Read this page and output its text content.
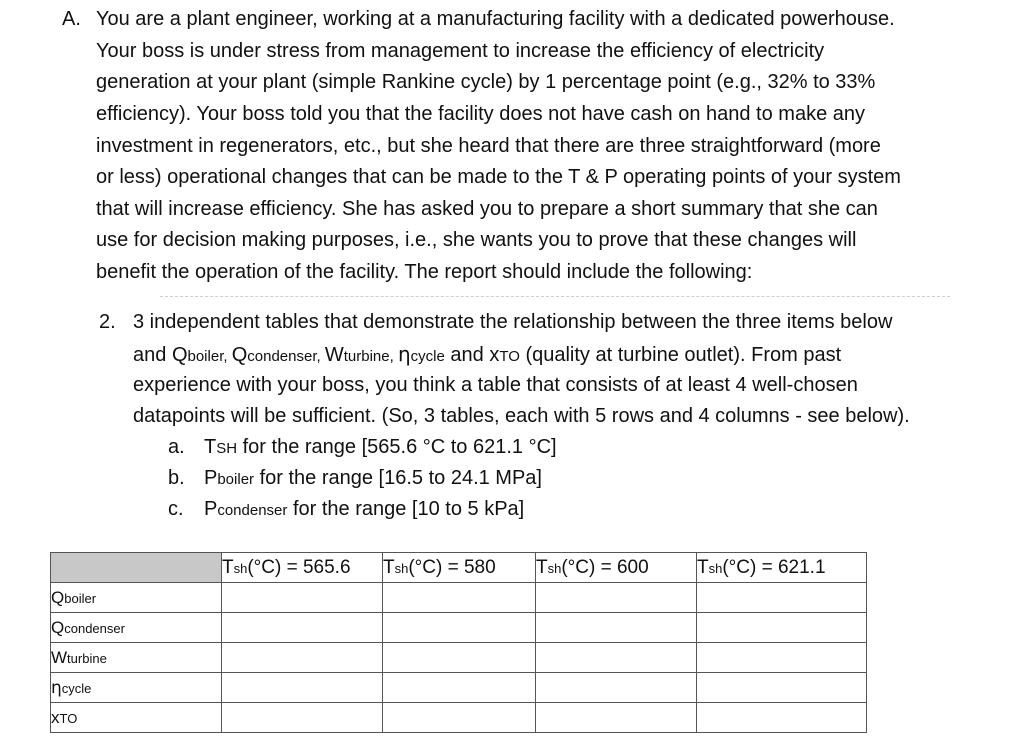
A. You are a plant engineer, working at a manufacturing facility with a dedicated powerhouse.
Your boss is under stress from management to increase the efficiency of electricity
generation at your plant (simple Rankine cycle) by 1 percentage point (e.g., 32% to 33%
efficiency). Your boss told you that the facility does not have cash on hand to make any
investment in regenerators, etc., but she heard that there are three straightforward (more
or less) operational changes that can be made to the T & P operating points of your system
that will increase efficiency. She has asked you to prepare a short summary that she can
use for decision making purposes, i.e., she wants you to prove that these changes will
benefit the operation of the facility. The report should include the following:
2. 3 independent tables that demonstrate the relationship between the three items below
and Qboiler, Qcondenser, Wturbine, ηcycle and xTO (quality at turbine outlet). From past
experience with your boss, you think a table that consists of at least 4 well-chosen
datapoints will be sufficient. (So, 3 tables, each with 5 rows and 4 columns - see below).
a. TSH for the range [565.6 °C to 621.1 °C]
b. Pboiler for the range [16.5 to 24.1 MPa]
c. Pcondenser for the range [10 to 5 kPa]
	Tsh(°C) = 565.6	Tsh(°C) = 580	Tsh(°C) = 600	Tsh(°C) = 621.1
Qboiler				
Qcondenser				
Wturbine				
ηcycle				
xTO				
